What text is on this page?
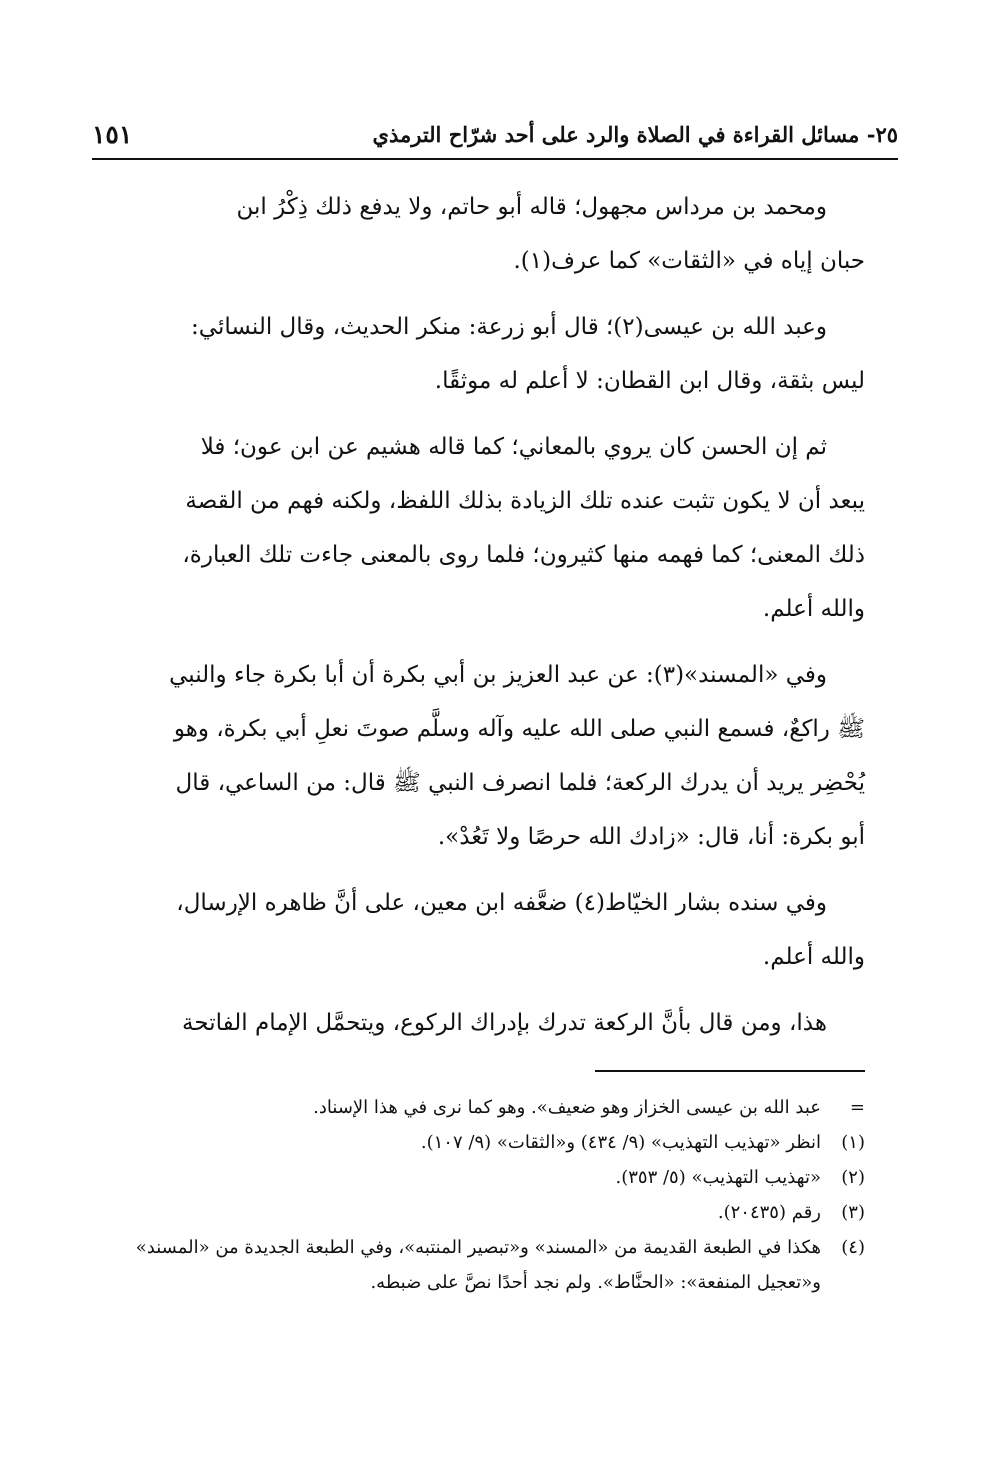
٢٥- مسائل القراءة في الصلاة والرد على أحد شرّاح الترمذي
١٥١

ومحمد بن مرداس مجهول؛ قاله أبو حاتم، ولا يدفع ذلك ذِكْرُ ابن
حبان إياه في «الثقات» كما عرف(١).

وعبد الله بن عيسى(٢)؛ قال أبو زرعة: منكر الحديث، وقال النسائي:
ليس بثقة، وقال ابن القطان: لا أعلم له موثقًا.

ثم إن الحسن كان يروي بالمعاني؛ كما قاله هشيم عن ابن عون؛ فلا
يبعد أن لا يكون تثبت عنده تلك الزيادة بذلك اللفظ، ولكنه فهم من القصة
ذلك المعنى؛ كما فهمه منها كثيرون؛ فلما روى بالمعنى جاءت تلك العبارة،
والله أعلم.

وفي «المسند»(٣): عن عبد العزيز بن أبي بكرة أن أبا بكرة جاء والنبي
ﷺ راكعٌ، فسمع النبي صلى الله عليه وآله وسلَّم صوتَ نعلِ أبي بكرة، وهو
يُحْضِر يريد أن يدرك الركعة؛ فلما انصرف النبي ﷺ قال: من الساعي، قال
أبو بكرة: أنا، قال: «زادك الله حرصًا ولا تَعُدْ».

وفي سنده بشار الخيّاط(٤) ضعَّفه ابن معين، على أنَّ ظاهره الإرسال،
والله أعلم.

هذا، ومن قال بأنَّ الركعة تدرك بإدراك الركوع، ويتحمَّل الإمام الفاتحة

=
عبد الله بن عيسى الخزاز وهو ضعيف». وهو كما نرى في هذا الإسناد.
(١)
انظر «تهذيب التهذيب» (٩/ ٤٣٤) و«الثقات» (٩/ ١٠٧).
(٢)
«تهذيب التهذيب» (٥/ ٣٥٣).
(٣)
رقم (٢٠٤٣٥).
(٤)
هكذا في الطبعة القديمة من «المسند» و«تبصير المنتبه»، وفي الطبعة الجديدة من «المسند» و«تعجيل المنفعة»: «الحنَّاط». ولم نجد أحدًا نصَّ على ضبطه.
